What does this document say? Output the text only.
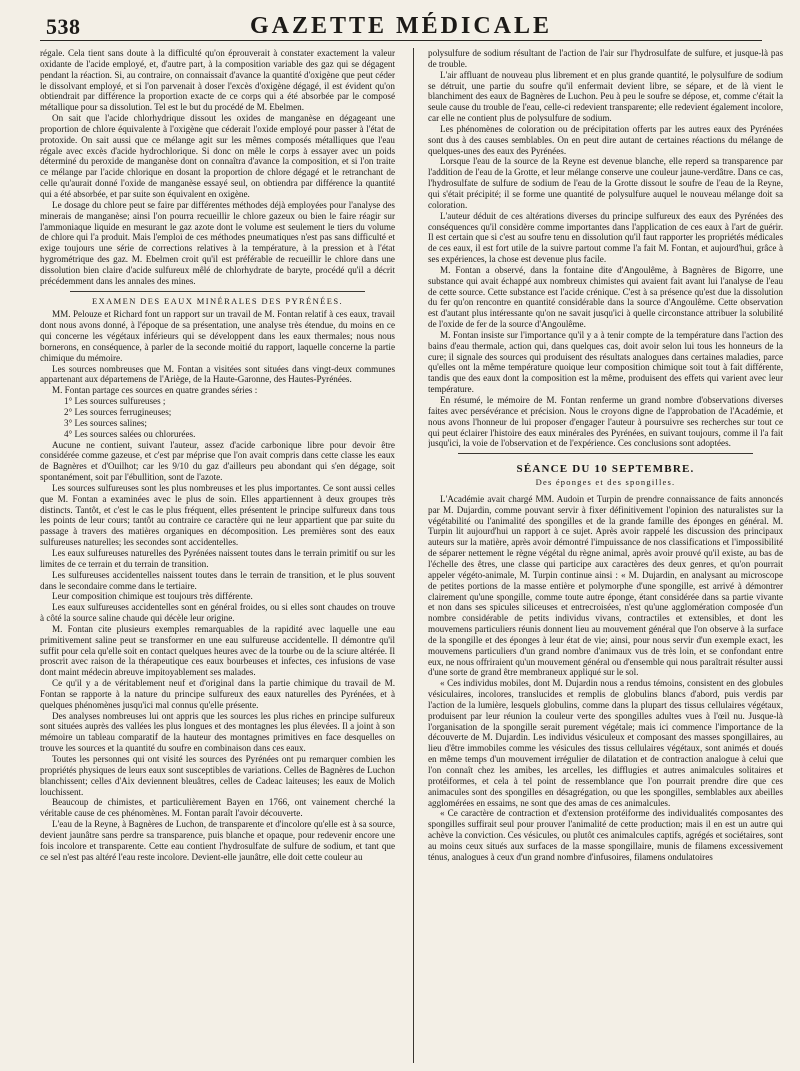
538	GAZETTE MÉDICALE

régale. Cela tient sans doute à la difficulté qu'on éprouverait à constater exactement la valeur oxidante de l'acide employé, et, d'autre part, à la composition variable des gaz qui se dégagent pendant la réaction. Si, au contraire, on connaissait d'avance la quantité d'oxigène que peut céder le dissolvant employé, et si l'on parvenait à doser l'excès d'oxigène dégagé, il est évident qu'on obtiendrait par différence la proportion exacte de ce corps qui a été absorbée par le composé métallique pour sa dissolution. Tel est le but du procédé de M. Ebelmen.

On sait que l'acide chlorhydrique dissout les oxides de manganèse en dégageant une proportion de chlore équivalente à l'oxigène que céderait l'oxide employé pour passer à l'état de protoxide. On sait aussi que ce mélange agit sur les mêmes composés métalliques que l'eau régale avec excès d'acide hydrochlorique. Si donc on mêle le corps à essayer avec un poids déterminé du peroxide de manganèse dont on connaîtra d'avance la composition, et si l'on traite ce mélange par l'acide chlorique en dosant la proportion de chlore dégagé et le retranchant de celle qu'aurait donné l'oxide de manganèse essayé seul, on obtiendra par différence la quantité qui a été absorbée, et par suite son équivalent en oxigène.

Le dosage du chlore peut se faire par différentes méthodes déjà employées pour l'analyse des minerais de manganèse; ainsi l'on pourra recueillir le chlore gazeux ou bien le faire réagir sur l'ammoniaque liquide en mesurant le gaz azote dont le volume est seulement le tiers du volume de chlore qui l'a produit. Mais l'emploi de ces méthodes pneumatiques n'est pas sans difficulté et exige toujours une série de corrections relatives à la température, à la pression et à l'état hygrométrique des gaz. M. Ebelmen croit qu'il est préférable de recueillir le chlore dans une dissolution bien claire d'acide sulfureux mêlé de chlorhydrate de baryte, procédé qu'il a décrit précédemment dans les annales des mines.

EXAMEN DES EAUX MINÉRALES DES PYRÉNÉES.

MM. Pelouze et Richard font un rapport sur un travail de M. Fontan relatif à ces eaux, travail dont nous avons donné, à l'époque de sa présentation, une analyse très étendue, du moins en ce qui concerne les végétaux inférieurs qui se développent dans les eaux thermales; nous nous bornerons, en conséquence, à parler de la seconde moitié du rapport, laquelle concerne la partie chimique du mémoire.

Les sources nombreuses que M. Fontan a visitées sont situées dans vingt-deux communes appartenant aux départemens de l'Ariège, de la Haute-Garonne, des Hautes-Pyrénées.

M. Fontan partage ces sources en quatre grandes séries :

1° Les sources sulfureuses ;

2° Les sources ferrugineuses;

3° Les sources salines;

4° Les sources salées ou chlorurées.

Aucune ne contient, suivant l'auteur, assez d'acide carbonique libre pour devoir être considérée comme gazeuse, et c'est par méprise que l'on avait compris dans cette classe les eaux de Bagnères et d'Ouilhot; car les 9/10 du gaz d'ailleurs peu abondant qui s'en dégage, soit spontanément, soit par l'ébullition, sont de l'azote.

Les sources sulfureuses sont les plus nombreuses et les plus importantes. Ce sont aussi celles que M. Fontan a examinées avec le plus de soin. Elles appartiennent à deux groupes très distincts. Tantôt, et c'est le cas le plus fréquent, elles présentent le principe sulfureux dans tous les points de leur cours; tantôt au contraire ce caractère qui ne leur appartient que par suite du passage à travers des matières organiques en décomposition. Les premières sont des eaux sulfureuses naturelles; les secondes sont accidentelles.

Les eaux sulfureuses naturelles des Pyrénées naissent toutes dans le terrain primitif ou sur les limites de ce terrain et du terrain de transition.

Les sulfureuses accidentelles naissent toutes dans le terrain de transition, et le plus souvent dans le secondaire comme dans le tertiaire.

Leur composition chimique est toujours très différente.

Les eaux sulfureuses accidentelles sont en général froides, ou si elles sont chaudes on trouve à côté la source saline chaude qui décèle leur origine.

M. Fontan cite plusieurs exemples remarquables de la rapidité avec laquelle une eau primitivement saline peut se transformer en une eau sulfureuse accidentelle. Il démontre qu'il suffit pour cela qu'elle soit en contact quelques heures avec de la tourbe ou de la sciure altérée. Il proscrit avec raison de la thérapeutique ces eaux bourbeuses et infectes, ces infusions de vase dont maint médecin abreuve impitoyablement ses malades.

Ce qu'il y a de véritablement neuf et d'original dans la partie chimique du travail de M. Fontan se rapporte à la nature du principe sulfureux des eaux naturelles des Pyrénées, et à quelques phénomènes jusqu'ici mal connus qu'elle présente.

Des analyses nombreuses lui ont appris que les sources les plus riches en principe sulfureux sont situées auprès des vallées les plus longues et des montagnes les plus élevées. Il a joint à son mémoire un tableau comparatif de la hauteur des montagnes primitives en face desquelles on trouve les sources et la quantité du soufre en combinaison dans ces eaux.

Toutes les personnes qui ont visité les sources des Pyrénées ont pu remarquer combien les propriétés physiques de leurs eaux sont susceptibles de variations. Celles de Bagnères de Luchon blanchissent; celles d'Aix deviennent bleuâtres, celles de Cadeac laiteuses; les eaux de Molich louchissent.

Beaucoup de chimistes, et particulièrement Bayen en 1766, ont vainement cherché la véritable cause de ces phénomènes. M. Fontan paraît l'avoir découverte.

L'eau de la Reyne, à Bagnères de Luchon, de transparente et d'incolore qu'elle est à sa source, devient jaunâtre sans perdre sa transparence, puis blanche et opaque, pour redevenir encore une fois incolore et transparente. Cette eau contient l'hydrosulfate de sulfure de sodium, et tant que ce sel n'est pas altéré l'eau reste incolore. Devient-elle jaunâtre, elle doit cette couleur au

polysulfure de sodium résultant de l'action de l'air sur l'hydrosulfate de sulfure, et jusque-là pas de trouble.

L'air affluant de nouveau plus librement et en plus grande quantité, le polysulfure de sodium se détruit, une partie du soufre qu'il enfermait devient libre, se sépare, et de là vient le blanchiment des eaux de Bagnères de Luchon. Peu à peu le soufre se dépose, et, comme c'était la seule cause du trouble de l'eau, celle-ci redevient transparente; elle redevient également incolore, car elle ne contient plus de polysulfure de sodium.

Les phénomènes de coloration ou de précipitation offerts par les autres eaux des Pyrénées sont dus à des causes semblables. On en peut dire autant de certaines réactions du mélange de quelques-unes des eaux des Pyrénées.

Lorsque l'eau de la source de la Reyne est devenue blanche, elle reperd sa transparence par l'addition de l'eau de la Grotte, et leur mélange conserve une couleur jaune-verdâtre. Dans ce cas, l'hydrosulfate de sulfure de sodium de l'eau de la Grotte dissout le soufre de l'eau de la Reyne, qui s'était précipité; il se forme une quantité de polysulfure auquel le nouveau mélange doit sa coloration.

L'auteur déduit de ces altérations diverses du principe sulfureux des eaux des Pyrénées des conséquences qu'il considère comme importantes dans l'application de ces eaux à l'art de guérir. Il est certain que si c'est au soufre tenu en dissolution qu'il faut rapporter les propriétés médicales de ces eaux, il est fort utile de la suivre partout comme l'a fait M. Fontan, et aujourd'hui, grâce à ses expériences, la chose est devenue plus facile.

M. Fontan a observé, dans la fontaine dite d'Angoulême, à Bagnères de Bigorre, une substance qui avait échappé aux nombreux chimistes qui avaient fait avant lui l'analyse de l'eau de cette source. Cette substance est l'acide crénique. C'est à sa présence qu'est due la dissolution du fer qu'on rencontre en quantité considérable dans la source d'Angoulême. Cette observation est d'autant plus intéressante qu'on ne savait jusqu'ici à quelle circonstance attribuer la solubilité de l'oxide de fer de la source d'Angoulême.

M. Fontan insiste sur l'importance qu'il y a à tenir compte de la température dans l'action des bains d'eau thermale, action qui, dans quelques cas, doit avoir selon lui tous les honneurs de la cure; il signale des sources qui produisent des résultats analogues dans certaines maladies, parce qu'elles ont la même température quoique leur composition chimique soit tout à fait différente, tandis que des eaux dont la composition est la même, produisent des effets qui varient avec leur température.

En résumé, le mémoire de M. Fontan renferme un grand nombre d'observations diverses faites avec persévérance et précision. Nous le croyons digne de l'approbation de l'Académie, et nous avons l'honneur de lui proposer d'engager l'auteur à poursuivre ses recherches sur tout ce qui peut éclairer l'histoire des eaux minérales des Pyrénées, en suivant toujours, comme il l'a fait jusqu'ici, la voie de l'observation et de l'expérience. Ces conclusions sont adoptées.

SÉANCE DU 10 SEPTEMBRE.
Des éponges et des spongilles.

L'Académie avait chargé MM. Audoin et Turpin de prendre connaissance de faits annoncés par M. Dujardin, comme pouvant servir à fixer définitivement l'opinion des naturalistes sur la végétabilité ou l'animalité des spongilles et de la grande famille des éponges en général. M. Turpin lit aujourd'hui un rapport à ce sujet. Après avoir rappelé les discussion des principaux auteurs sur la matière, après avoir démontré l'impuissance de nos classifications et l'impossibilité de séparer nettement le règne végétal du règne animal, après avoir prouvé qu'il existe, au bas de l'échelle des êtres, une classe qui participe aux caractères des deux genres, et qu'on pourrait appeler végéto-animale, M. Turpin continue ainsi : « M. Dujardin, en analysant au microscope de petites portions de la masse entière et polymorphe d'une spongille, est arrivé à démontrer clairement qu'une spongille, comme toute autre éponge, étant considérée dans sa partie vivante et non dans ses spicules siliceuses et entrecroisées, n'est qu'une agglomération composée d'un nombre considérable de petits individus vivans, contractiles et extensibles, et dont les mouvemens particuliers réunis donnent lieu au mouvement général que l'on observe à la surface de la spongille et des éponges à leur état de vie; ainsi, pour nous servir d'un exemple exact, les mouvemens particuliers d'un grand nombre d'animaux vus de très loin, et se confondant entre eux, ne nous offriraient qu'un mouvement général ou d'ensemble qui nous paraîtrait résulter aussi d'une sorte de grand être membraneux appliqué sur le sol.

« Ces individus mobiles, dont M. Dujardin nous a rendus témoins, consistent en des globules vésiculaires, incolores, translucides et remplis de globulins blancs d'abord, puis verdis par l'action de la lumière, lesquels globulins, comme dans la plupart des tissus cellulaires végétaux, produisent par leur réunion la couleur verte des spongilles adultes vues à l'œil nu. Jusque-là l'organisation de la spongille serait purement végétale; mais ici commence l'importance de la découverte de M. Dujardin. Les individus vésiculeux et composant des masses spongillaires, au lieu d'être immobiles comme les vésicules des tissus cellulaires végétaux, sont animés et doués en même temps d'un mouvement irrégulier de dilatation et de contraction analogue à celui que l'on connaît chez les amibes, les arcelles, les difflugies et autres animalcules solitaires et protéiformes, et cela à tel point de ressemblance que l'on pourrait prendre dire que ces animacules sont des spongilles en désagrégation, ou que les spongilles, semblables aux abeilles agglomérées en essaims, ne sont que des amas de ces animalcules.

« Ce caractère de contraction et d'extension protéiforme des individualités composantes des spongilles suffirait seul pour prouver l'animalité de cette production; mais il en est un autre qui achève la conviction. Ces vésicules, ou plutôt ces animalcules captifs, agrégés et sociétaires, sont au moins ceux situés aux surfaces de la masse spongillaire, munis de filamens excessivement ténus, analogues à ceux d'un grand nombre d'infusoires, filamens ondulatoires
